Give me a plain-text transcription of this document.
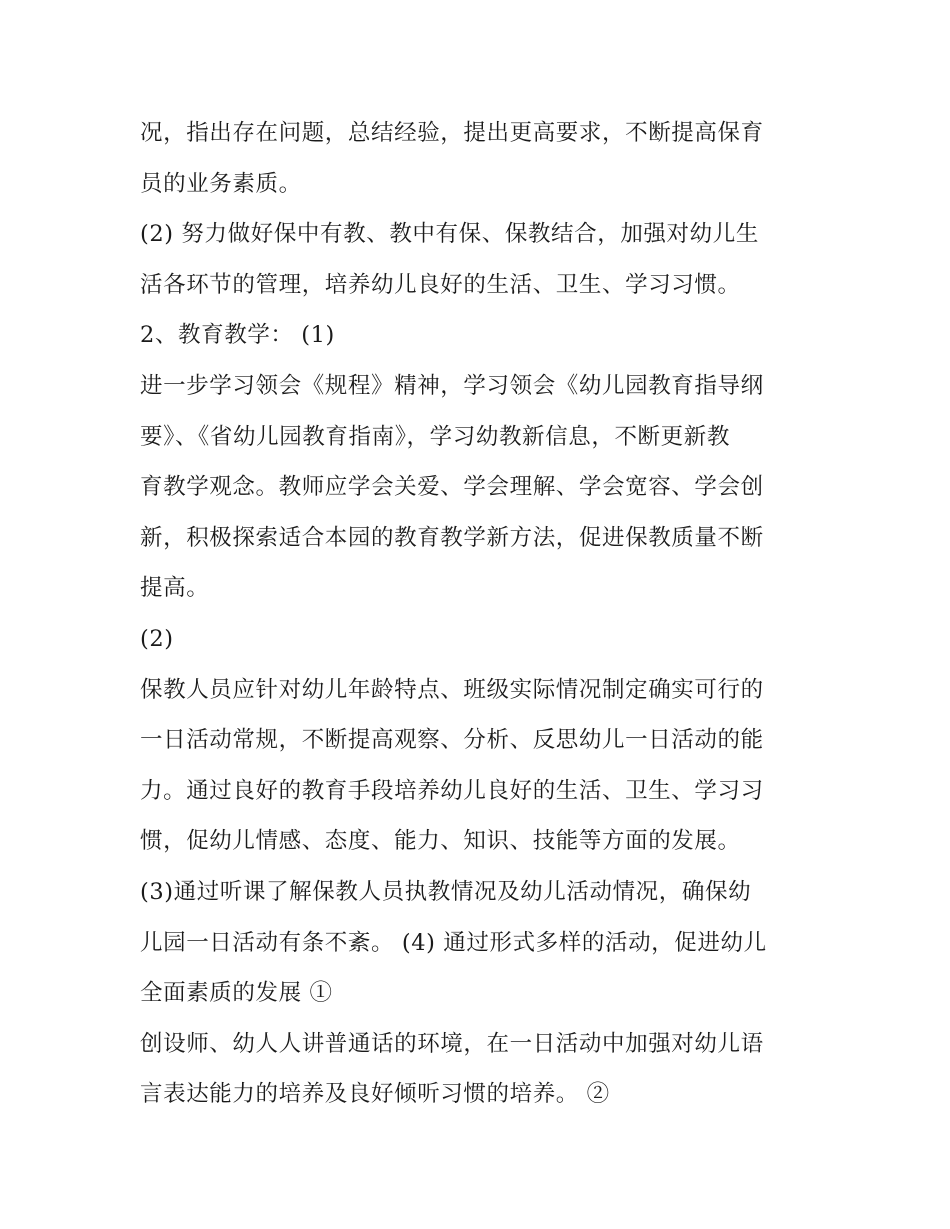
况，指出存在问题，总结经验，提出更高要求，不断提高保育
员的业务素质。
(2) 努力做好保中有教、教中有保、保教结合，加强对幼儿生
活各环节的管理，培养幼儿良好的生活、卫生、学习习惯。
2、教育教学： (1)
进一步学习领会《规程》精神，学习领会《幼儿园教育指导纲
要》、《省幼儿园教育指南》，学习幼教新信息，不断更新教
育教学观念。教师应学会关爱、学会理解、学会宽容、学会创
新，积极探索适合本园的教育教学新方法，促进保教质量不断
提高。
(2)
保教人员应针对幼儿年龄特点、班级实际情况制定确实可行的
一日活动常规，不断提高观察、分析、反思幼儿一日活动的能
力。通过良好的教育手段培养幼儿良好的生活、卫生、学习习
惯，促幼儿情感、态度、能力、知识、技能等方面的发展。
(3)通过听课了解保教人员执教情况及幼儿活动情况，确保幼
儿园一日活动有条不紊。 (4) 通过形式多样的活动，促进幼儿
全面素质的发展 ①
创设师、幼人人讲普通话的环境，在一日活动中加强对幼儿语
言表达能力的培养及良好倾听习惯的培养。 ②
